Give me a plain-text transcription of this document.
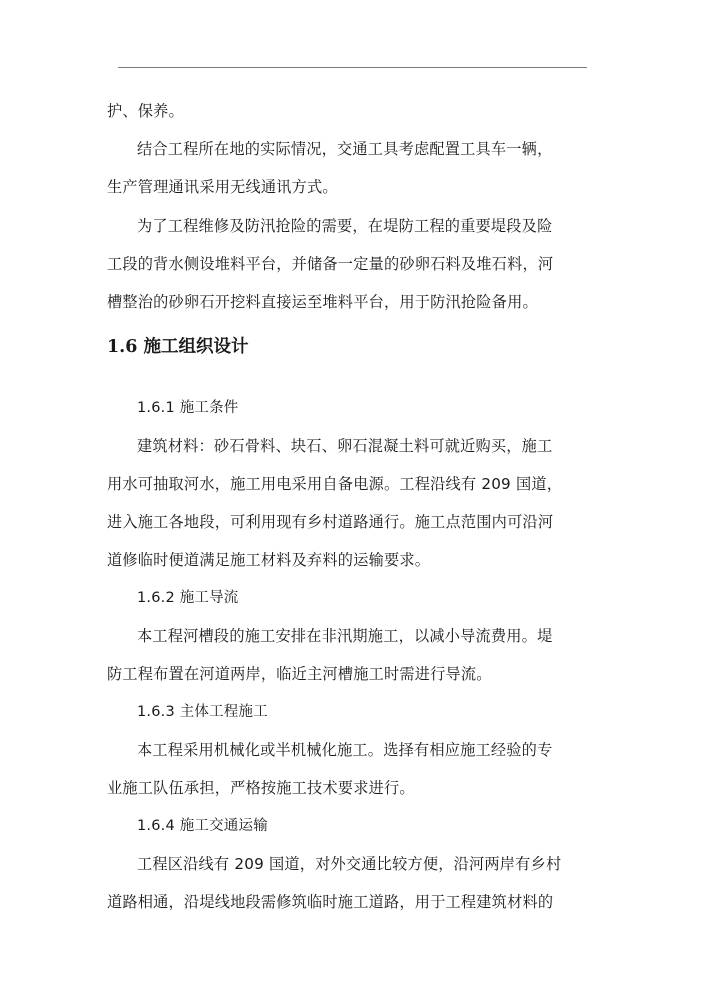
护、保养。
结合工程所在地的实际情况，交通工具考虑配置工具车一辆，
生产管理通讯采用无线通讯方式。
为了工程维修及防汛抢险的需要，在堤防工程的重要堤段及险
工段的背水侧设堆料平台，并储备一定量的砂卵石料及堆石料，河
槽整治的砂卵石开挖料直接运至堆料平台，用于防汛抢险备用。
1.6 施工组织设计
1.6.1 施工条件
建筑材料：砂石骨料、块石、卵石混凝土料可就近购买，施工
用水可抽取河水，施工用电采用自备电源。工程沿线有 209 国道，
进入施工各地段，可利用现有乡村道路通行。施工点范围内可沿河
道修临时便道满足施工材料及弃料的运输要求。
1.6.2 施工导流
本工程河槽段的施工安排在非汛期施工，以减小导流费用。堤
防工程布置在河道两岸，临近主河槽施工时需进行导流。
1.6.3 主体工程施工
本工程采用机械化或半机械化施工。选择有相应施工经验的专
业施工队伍承担，严格按施工技术要求进行。
1.6.4 施工交通运输
工程区沿线有 209 国道，对外交通比较方便，沿河两岸有乡村
道路相通，沿堤线地段需修筑临时施工道路，用于工程建筑材料的
